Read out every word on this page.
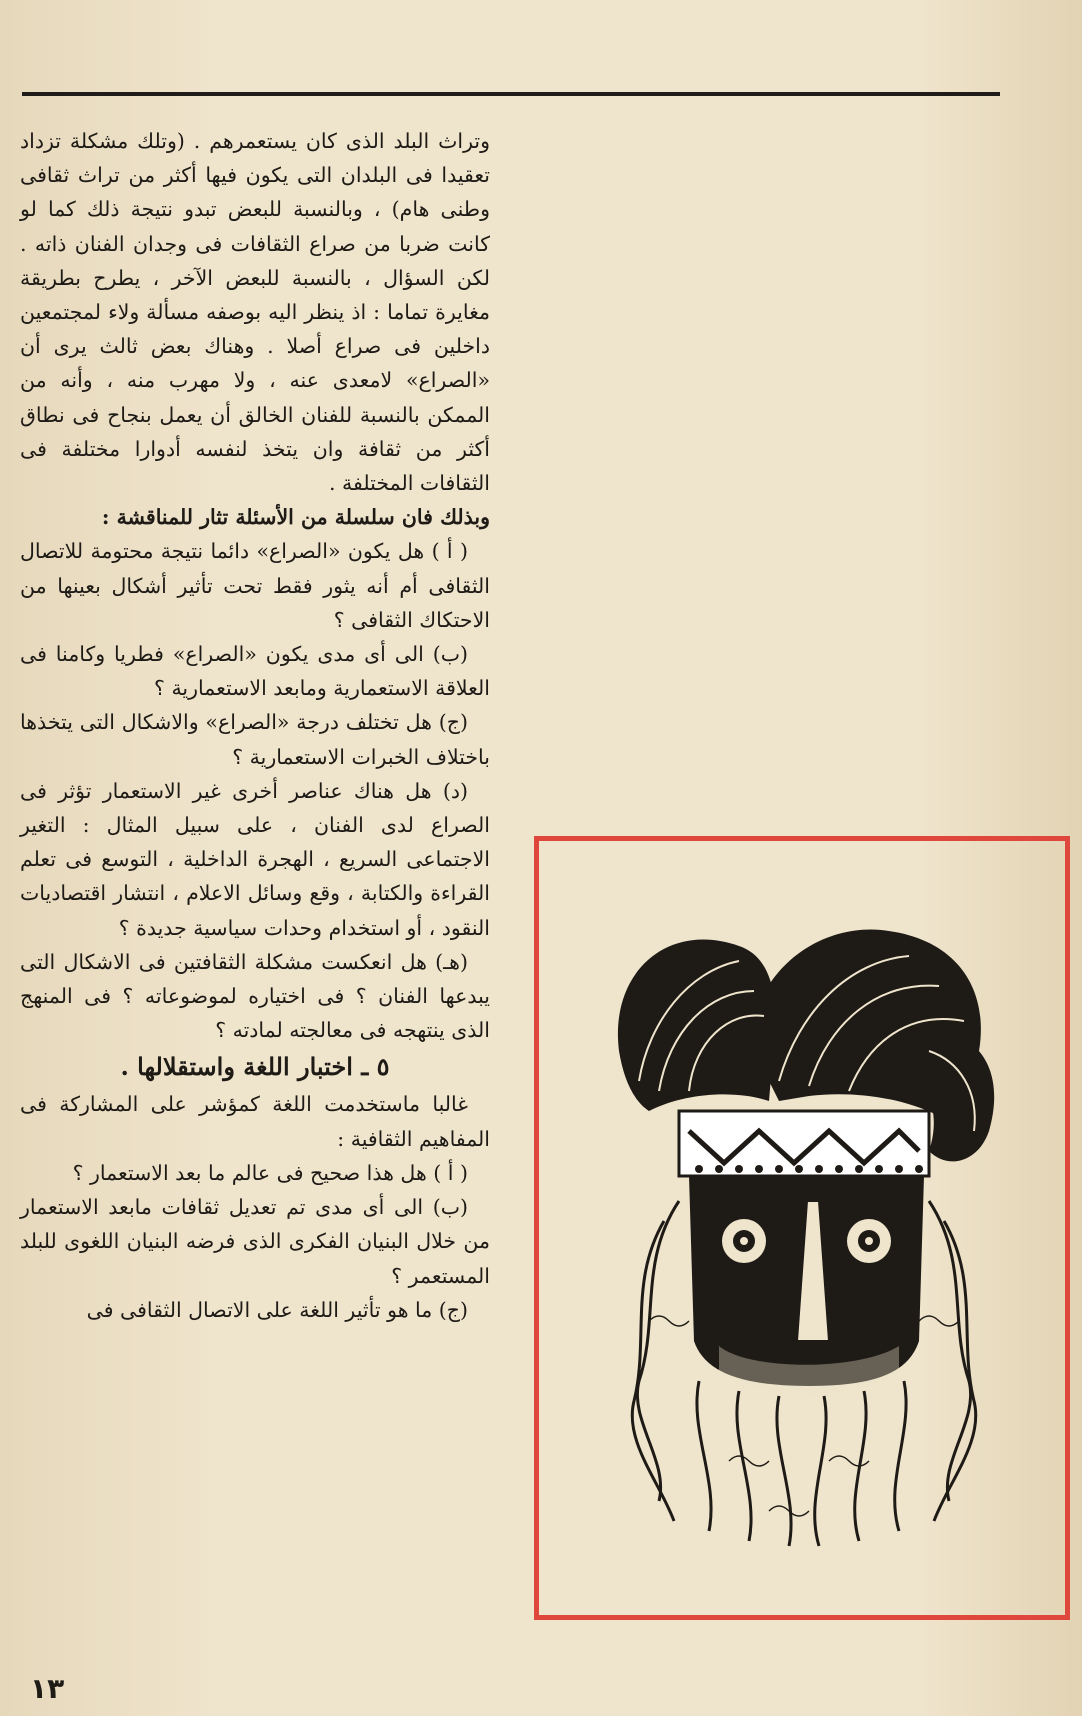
وتراث البلد الذى كان يستعمرهم . (وتلك مشكلة تزداد تعقيدا فى البلدان التى يكون فيها أكثر من تراث ثقافى وطنى هام) ، وبالنسبة للبعض تبدو نتيجة ذلك كما لو كانت ضربا من صراع الثقافات فى وجدان الفنان ذاته . لكن السؤال ، بالنسبة للبعض الآخر ، يطرح بطريقة مغايرة تماما : اذ ينظر اليه بوصفه مسألة ولاء لمجتمعين داخلين فى صراع أصلا . وهناك بعض ثالث يرى أن «الصراع» لامعدى عنه ، ولا مهرب منه ، وأنه من الممكن بالنسبة للفنان الخالق أن يعمل بنجاح فى نطاق أكثر من ثقافة وان يتخذ لنفسه أدوارا مختلفة فى الثقافات المختلفة .

وبذلك فان سلسلة من الأسئلة تثار للمناقشة :

( أ ) هل يكون «الصراع» دائما نتيجة محتومة للاتصال الثقافى أم أنه يثور فقط تحت تأثير أشكال بعينها من الاحتكاك الثقافى ؟

(ب) الى أى مدى يكون «الصراع» فطريا وكامنا فى العلاقة الاستعمارية ومابعد الاستعمارية ؟

(ج) هل تختلف درجة «الصراع» والاشكال التى يتخذها باختلاف الخبرات الاستعمارية ؟

(د) هل هناك عناصر أخرى غير الاستعمار تؤثر فى الصراع لدى الفنان ، على سبيل المثال : التغير الاجتماعى السريع ، الهجرة الداخلية ، التوسع فى تعلم القراءة والكتابة ، وقع وسائل الاعلام ، انتشار اقتصاديات النقود ، أو استخدام وحدات سياسية جديدة ؟

(هـ) هل انعكست مشكلة الثقافتين فى الاشكال التى يبدعها الفنان ؟ فى اختياره لموضوعاته ؟ فى المنهج الذى ينتهجه فى معالجته لمادته ؟

٥ ـ اختبار اللغة واستقلالها .

غالبا ماستخدمت اللغة كمؤشر على المشاركة فى المفاهيم الثقافية :

( أ ) هل هذا صحيح فى عالم ما بعد الاستعمار ؟

(ب) الى أى مدى تم تعديل ثقافات مابعد الاستعمار من خلال البنيان الفكرى الذى فرضه البنيان اللغوى للبلد المستعمر ؟

(ج) ما هو تأثير اللغة على الاتصال الثقافى فى

١٣
